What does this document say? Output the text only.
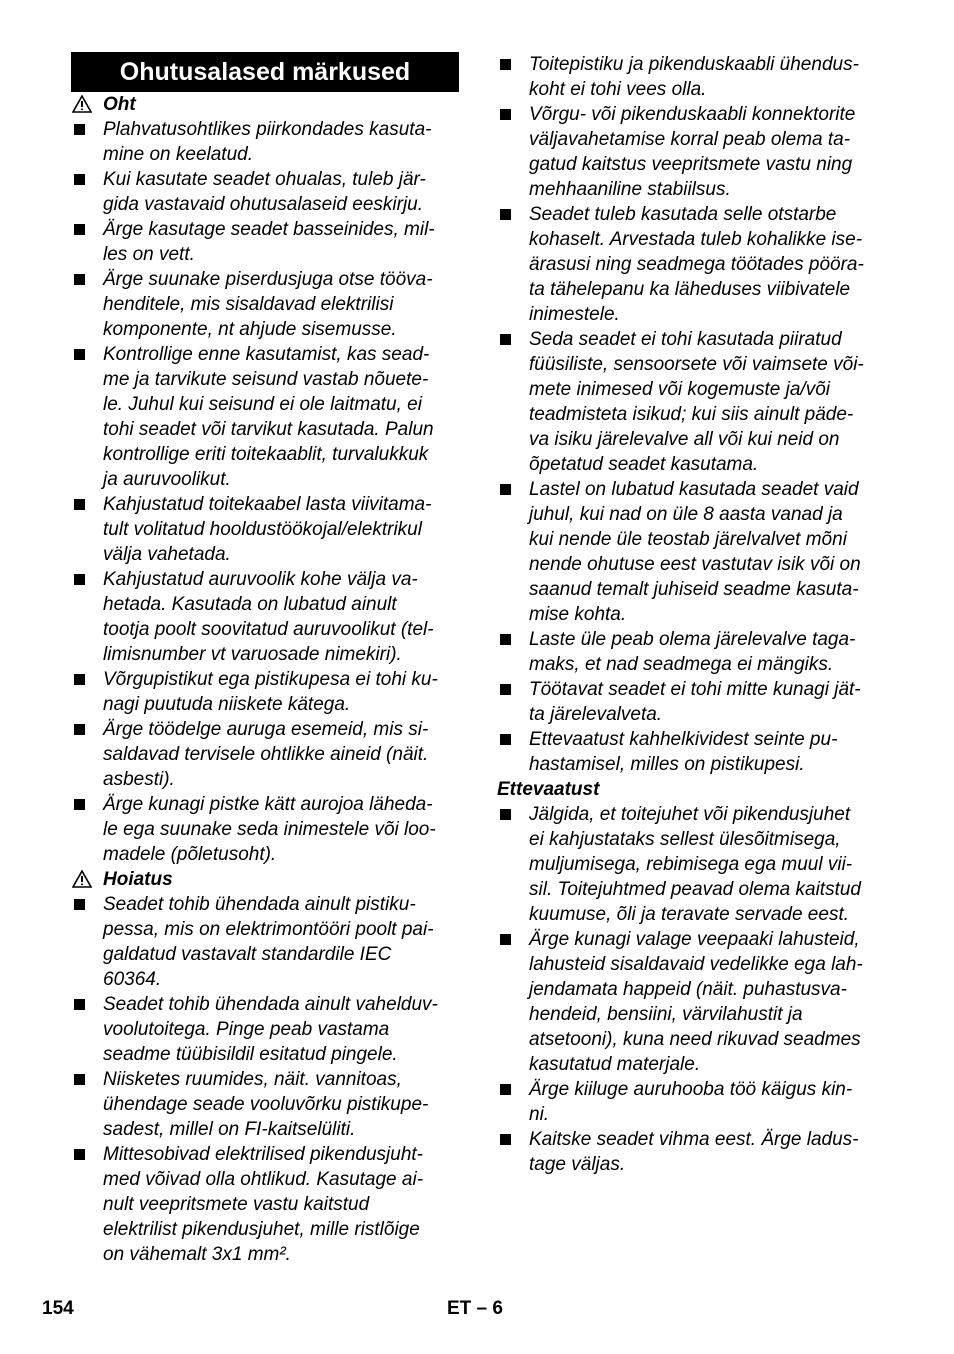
Ohutusalased märkused
Oht
Plahvatusohtlikes piirkondades kasuta-
mine on keelatud.
Kui kasutate seadet ohualas, tuleb jär-
gida vastavaid ohutusalaseid eeskirju.
Ärge kasutage seadet basseinides, mil-
les on vett.
Ärge suunake piserdusjuga otse tööva-
henditele, mis sisaldavad elektrilisi
komponente, nt ahjude sisemusse.
Kontrollige enne kasutamist, kas sead-
me ja tarvikute seisund vastab nõuete-
le. Juhul kui seisund ei ole laitmatu, ei
tohi seadet või tarvikut kasutada. Palun
kontrollige eriti toitekaablit, turvalukkuk
ja auruvoolikut.
Kahjustatud toitekaabel lasta viivitama-
tult volitatud hooldustöökojal/elektrikul
välja vahetada.
Kahjustatud auruvoolik kohe välja va-
hetada. Kasutada on lubatud ainult
tootja poolt soovitatud auruvoolikut (tel-
limisnumber vt varuosade nimekiri).
Võrgupistikut ega pistikupesa ei tohi ku-
nagi puutuda niiskete kätega.
Ärge töödelge auruga esemeid, mis si-
saldavad tervisele ohtlikke aineid (näit.
asbesti).
Ärge kunagi pistke kätt aurojoa läheda-
le ega suunake seda inimestele või loo-
madele (põletusoht).
Hoiatus
Seadet tohib ühendada ainult pistiku-
pessa, mis on elektrimontööri poolt pai-
galdatud vastavalt standardile IEC
60364.
Seadet tohib ühendada ainult vahelduv-
voolutoitega. Pinge peab vastama
seadme tüübisildil esitatud pingele.
Niisketes ruumides, näit. vannitoas,
ühendage seade vooluvõrku pistikupe-
sadest, millel on FI-kaitselüliti.
Mittesobivad elektrilised pikendusjuht-
med võivad olla ohtlikud. Kasutage ai-
nult veepritsmete vastu kaitstud
elektrilist pikendusjuhet, mille ristlõige
on vähemalt 3x1 mm².
Toitepistiku ja pikenduskaabli ühendus-
koht ei tohi vees olla.
Võrgu- või pikenduskaabli konnektorite
väljavahetamise korral peab olema ta-
gatud kaitstus veepritsmete vastu ning
mehhaaniline stabiilsus.
Seadet tuleb kasutada selle otstarbe
kohaselt. Arvestada tuleb kohalikke ise-
ärasusi ning seadmega töötades pööra-
ta tähelepanu ka läheduses viibivatele
inimestele.
Seda seadet ei tohi kasutada piiratud
füüsiliste, sensoorsete või vaimsete või-
mete inimesed või kogemuste ja/või
teadmisteta isikud; kui siis ainult päde-
va isiku järelevalve all või kui neid on
õpetatud seadet kasutama.
Lastel on lubatud kasutada seadet vaid
juhul, kui nad on üle 8 aasta vanad ja
kui nende üle teostab järelvalvet mõni
nende ohutuse eest vastutav isik või on
saanud temalt juhiseid seadme kasuta-
mise kohta.
Laste üle peab olema järelevalve taga-
maks, et nad seadmega ei mängiks.
Töötavat seadet ei tohi mitte kunagi jät-
ta järelevalveta.
Ettevaatust kahhelkividest seinte pu-
hastamisel, milles on pistikupesi.
Ettevaatust
Jälgida, et toitejuhet või pikendusjuhet
ei kahjustataks sellest ülesõitmisega,
muljumisega, rebimisega ega muul vii-
sil. Toitejuhtmed peavad olema kaitstud
kuumuse, õli ja teravate servade eest.
Ärge kunagi valage veepaaki lahusteid,
lahusteid sisaldavaid vedelikke ega lah-
jendamata happeid (näit. puhastusva-
hendeid, bensiini, värvilahustit ja
atsetooni), kuna need rikuvad seadmes
kasutatud materjale.
Ärge kiiluge auruhooba töö käigus kin-
ni.
Kaitske seadet vihma eest. Ärge ladus-
tage väljas.
154	ET – 6
